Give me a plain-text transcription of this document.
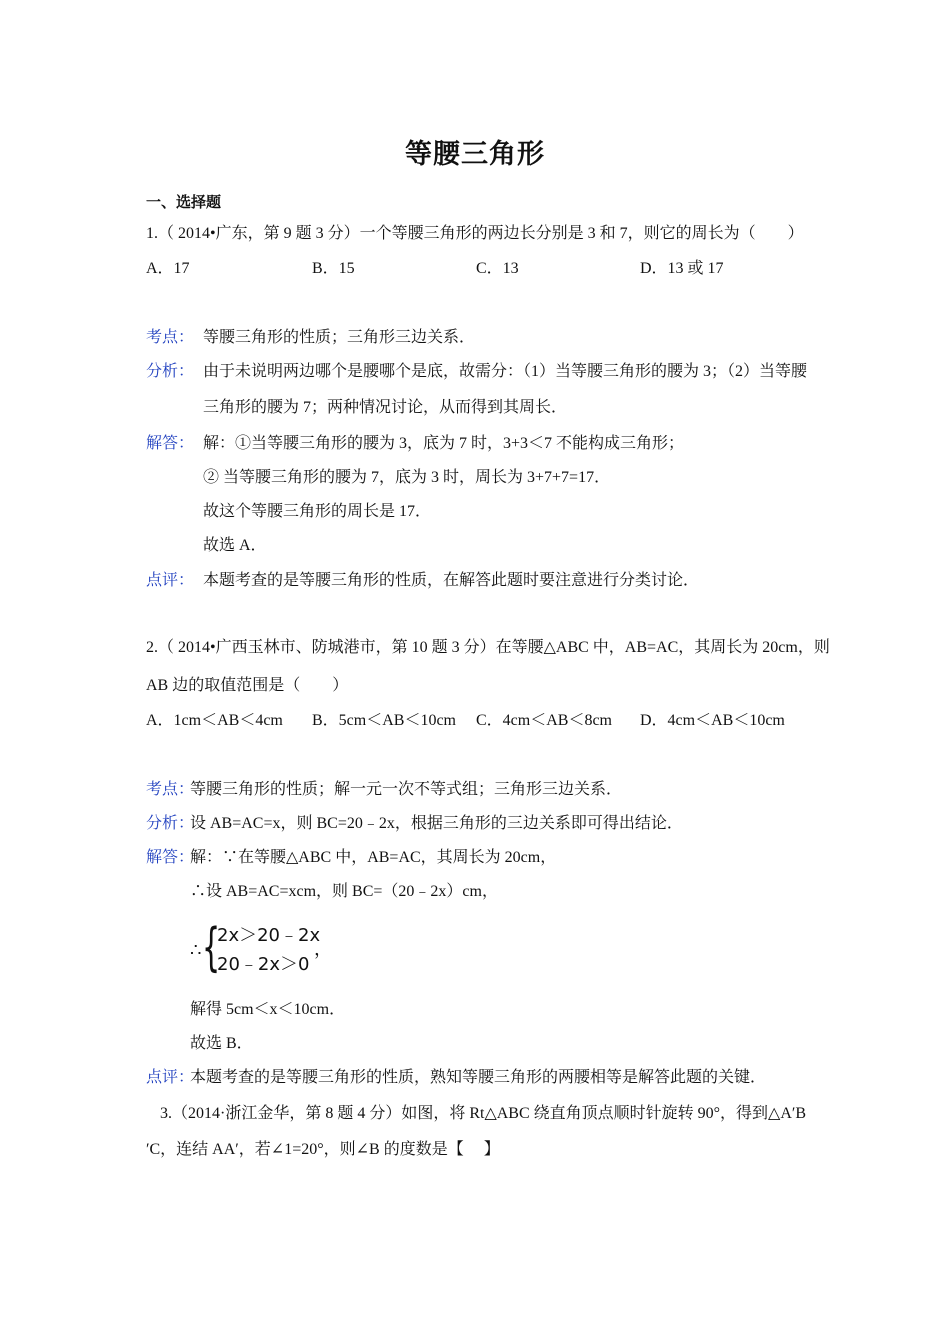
等腰三角形
一、选择题
1.（ 2014•广东，第 9 题 3 分）一个等腰三角形的两边长分别是 3 和 7，则它的周长为（　　）
A．17	B．15	C．13	D．13 或 17
考点： 等腰三角形的性质；三角形三边关系．
分析： 由于未说明两边哪个是腰哪个是底，故需分：（1）当等腰三角形的腰为 3；（2）当等腰
三角形的腰为 7；两种情况讨论，从而得到其周长．
解答： 解：①当等腰三角形的腰为 3，底为 7 时，3+3＜7 不能构成三角形；
② 当等腰三角形的腰为 7，底为 3 时，周长为 3+7+7=17．
故这个等腰三角形的周长是 17．
故选 A．
点评： 本题考查的是等腰三角形的性质，在解答此题时要注意进行分类讨论．
2.（ 2014•广西玉林市、防城港市，第 10 题 3 分）在等腰△ABC 中，AB=AC，其周长为 20cm，则
AB 边的取值范围是（　　）
A．1cm＜AB＜4cm B．5cm＜AB＜10cm C．4cm＜AB＜8cm D．4cm＜AB＜10cm
考点：
等腰三角形的性质；解一元一次不等式组；三角形三边关系．
分析：
设 AB=AC=x，则 BC=20﹣2x，根据三角形的三边关系即可得出结论．
解答：
解：∵在等腰△ABC 中，AB=AC，其周长为 20cm，
∴设 AB=AC=xcm，则 BC=（20﹣2x）cm，
∴ {
2x＞20﹣2x
20﹣2x＞0
，
解得 5cm＜x＜10cm．
故选 B．
点评：
本题考查的是等腰三角形的性质，熟知等腰三角形的两腰相等是解答此题的关键．
3.（2014·浙江金华，第 8 题 4 分）如图，将 Rt△ABC 绕直角顶点顺时针旋转 90°，得到△A′B
′C，连结 AA′，若∠1=20°，则∠B 的度数是【　 】
